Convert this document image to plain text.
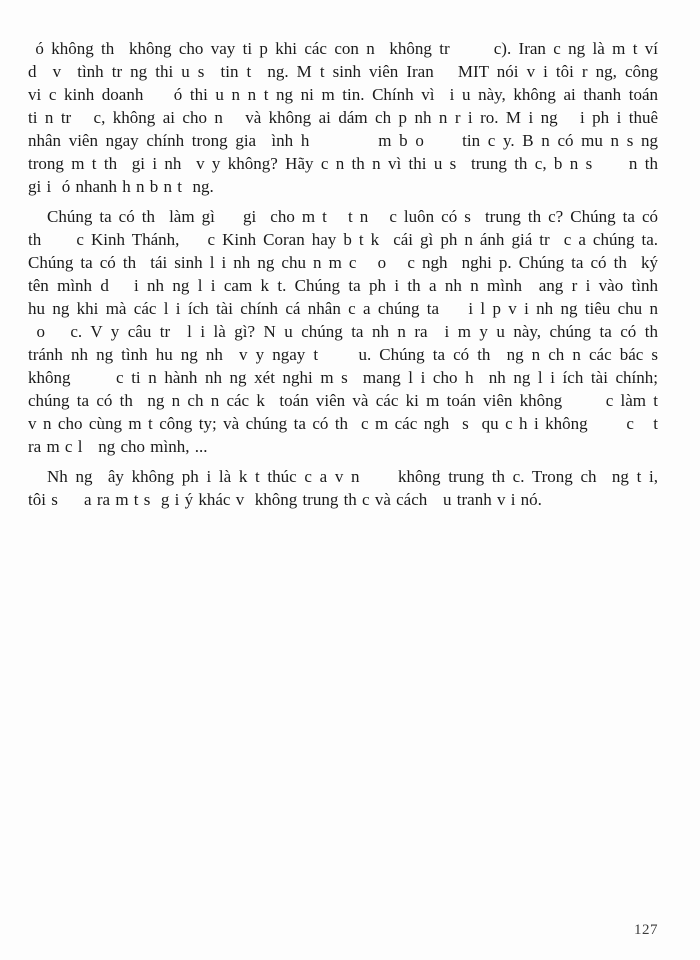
ó không th  không cho vay ti p khi các con n  không tr      c). Iran c ng là m t ví
d  v  tình tr ng thi u s  tin t  ng. M t sinh viên Iran   MIT nói v i tôi r ng, công
vi c kinh doanh    ó thi u n n t ng ni m tin. Chính vì  i u này, không ai thanh toán
ti n tr   c, không ai cho n   và không ai dám ch p nh n r i ro. M i ng   i ph i thuê
nhân viên ngay chính trong gia  ình h         m b o     tin c y. B n có mu n s ng
trong m t th  gi i nh  v y không? Hãy c n th n vì thi u s  trung th c, b n s     n th
gi i  ó nhanh h n b n t  ng.
Chúng ta có th  làm gì    gi  cho m t   t n   c luôn có s  trung th c? Chúng ta có
th     c Kinh Thánh,    c Kinh Coran hay b t k  cái gì ph n ánh giá tr  c a chúng ta.
Chúng ta có th  tái sinh l i nh ng chu n m c   o   c ngh  nghi p. Chúng ta có th  ký
tên mình d   i nh ng l i cam k t. Chúng ta ph i th a nh n mình  ang r i vào tình
hu ng khi mà các l i ích tài chính cá nhân c a chúng ta    i l p v i nh ng tiêu chu n
o   c. V y câu tr  l i là gì? N u chúng ta nh n ra  i m y u này, chúng ta có th
tránh nh ng tình hu ng nh  v y ngay t     u. Chúng ta có th  ng n ch n các bác s
không      c ti n hành nh ng xét nghi m s  mang l i cho h  nh ng l i ích tài chính;
chúng ta có th  ng n ch n các k  toán viên và các ki m toán viên không      c làm t
v n cho cùng m t công ty; và chúng ta có th  c m các ngh  s  qu c h i không      c   t
ra m c l   ng cho mình, ...
Nh ng  ây không ph i là k t thúc c a v n     không trung th c. Trong ch  ng t i,
tôi s     a ra m t s  g i ý khác v  không trung th c và cách   u tranh v i nó.
127
